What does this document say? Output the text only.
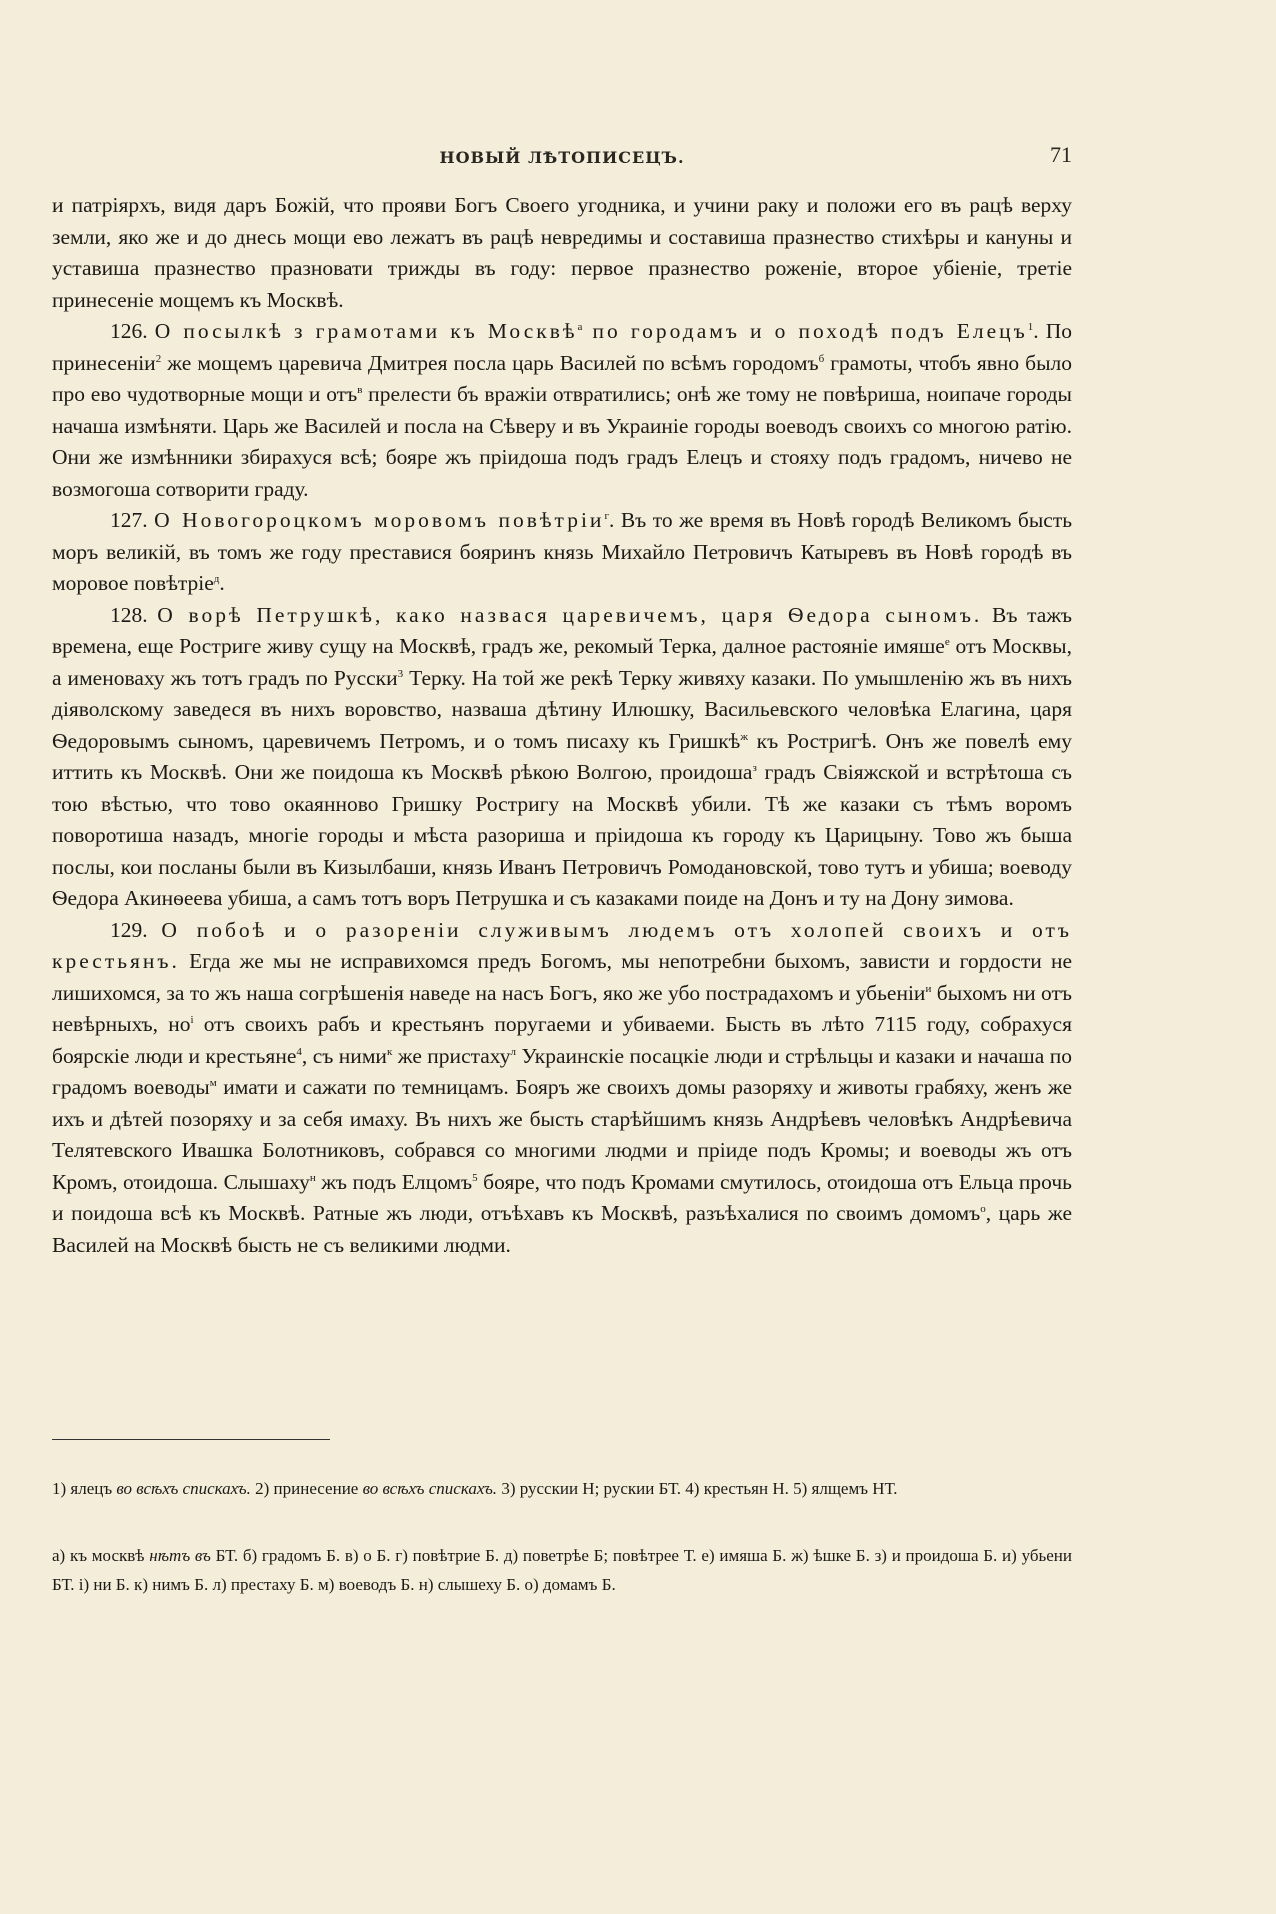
НОВЫЙ ЛѢТОПИСЕЦЪ.	71

и патріярхъ, видя даръ Божій, что прояви Богъ Своего угодника, и учини раку и положи его въ рацѣ верху земли, яко же и до днесь мощи ево лежатъ въ рацѣ невредимы и составиша празнество стихѣры и кануны и уставиша празнество празновати трижды въ году: первое празнество роженіе, второе убіеніе, третіе принесеніе мощемъ къ Москвѣ.

126. О посылкѣ з грамотами къ Москвѣ$^а$ по городамъ и о походѣ подъ Елецъ$^1$. По принесеніи$^2$ же мощемъ царевича Дмитрея посла царь Василей по всѣмъ городомъ$^б$ грамоты, чтобъ явно было про ево чудотворные мощи и отъ$^в$ прелести бъ вражіи отвратились; онѣ же тому не повѣриша, ноипаче городы начаша измѣняти. Царь же Василей и посла на Сѣверу и въ Украиніе городы воеводъ своихъ со многою ратію. Они же измѣнники збирахуся всѣ; бояре жъ пріидоша подъ градъ Елецъ и стояху подъ градомъ, ничево не возмогоша сотворити граду.

127. О Новогороцкомъ моровомъ повѣтріи$^г$. Въ то же время въ Новѣ городѣ Великомъ бысть моръ великій, въ томъ же году преставися бояринъ князь Михайло Петровичъ Катыревъ въ Новѣ городѣ въ моровое повѣтріе$^д$.

128. О ворѣ Петрушкѣ, како назвася царевичемъ, царя Ѳедора сыномъ. Въ тажъ времена, еще Ростриге живу сущу на Москвѣ, градъ же, рекомый Терка, далное растояніе имяше$^е$ отъ Москвы, а именоваху жъ тотъ градъ по Русски$^3$ Терку. На той же рекѣ Терку живяху казаки. По умышленію жъ въ нихъ діяволскому заведеся въ нихъ воровство, назваша дѣтину Илюшку, Васильевского человѣка Елагина, царя Ѳедоровымъ сыномъ, царевичемъ Петромъ, и о томъ писаху къ Гришкѣ$^ж$ къ Ростригѣ. Онъ же повелѣ ему иттить къ Москвѣ. Они же поидоша къ Москвѣ рѣкою Волгою, проидоша$^з$ градъ Свіяжской и встрѣтоша съ тою вѣстью, что тово окаянново Гришку Ростригу на Москвѣ убили. Тѣ же казаки съ тѣмъ воромъ поворотиша назадъ, многіе городы и мѣста разориша и пріидоша къ городу къ Царицыну. Тово жъ быша послы, кои посланы были въ Кизылбаши, князь Иванъ Петровичъ Ромодановской, тово тутъ и убиша; воеводу Ѳедора Акинѳеева убиша, а самъ тотъ воръ Петрушка и съ казаками поиде на Донъ и ту на Дону зимова.

129. О побоѣ и о разореніи служивымъ людемъ отъ холопей своихъ и отъ крестьянъ. Егда же мы не исправихомся предъ Богомъ, мы непотребни быхомъ, зависти и гордости не лишихомся, за то жъ наша согрѣшенія наведе на насъ Богъ, яко же убо пострадахомъ и убьеніи$^и$ быхомъ ни отъ невѣрныхъ, $но^і$ отъ своихъ рабъ и крестьянъ поругаеми и убиваеми. Бысть въ лѣто 7115 году, собрахуся боярскіе люди и крестьяне$^4$, съ ними$^к$ же пристаху$^л$ Украинскіе посацкіе люди и стрѣльцы и казаки и начаша по градомъ воеводы$^м$ имати и сажати по темницамъ. Бояръ же своихъ домы разоряху и животы грабяху, женъ же ихъ и дѣтей позоряху и за себя имаху. Въ нихъ же бысть старѣйшимъ князь Андрѣевъ человѣкъ Андрѣевича Телятевского Ивашка Болотниковъ, собрався со многими людми и пріиде подъ Кромы; и воеводы жъ отъ Кромъ, отоидоша. Слышаху$^н$ жъ подъ Елцомъ$^5$ бояре, что подъ Кромами смутилось, отоидоша отъ Ельца прочь и поидоша всѣ къ Москвѣ. Ратные жъ люди, отъѣхавъ къ Москвѣ, разъѣхалися по своимъ домомъ$^о$, царь же Василей на Москвѣ бысть не съ великими людми.

1) ялецъ во всѣхъ спискахъ. 2) принесение во всѣхъ спискахъ. 3) русскии Н; рускии БТ. 4) крестьян Н. 5) ялщемъ НТ.
а) къ москвѣ нѣтъ въ БТ. б) градомъ Б. в) о Б. г) повѣтрие Б. д) поветрѣе Б; повѣтрее Т. е) имяша Б. ж) ѣшке Б. з) и проидоша Б. и) убьени БТ. і) ни Б. к) нимъ Б. л) престаху Б. м) воеводъ Б. н) слышеху Б. о) домамъ Б.
